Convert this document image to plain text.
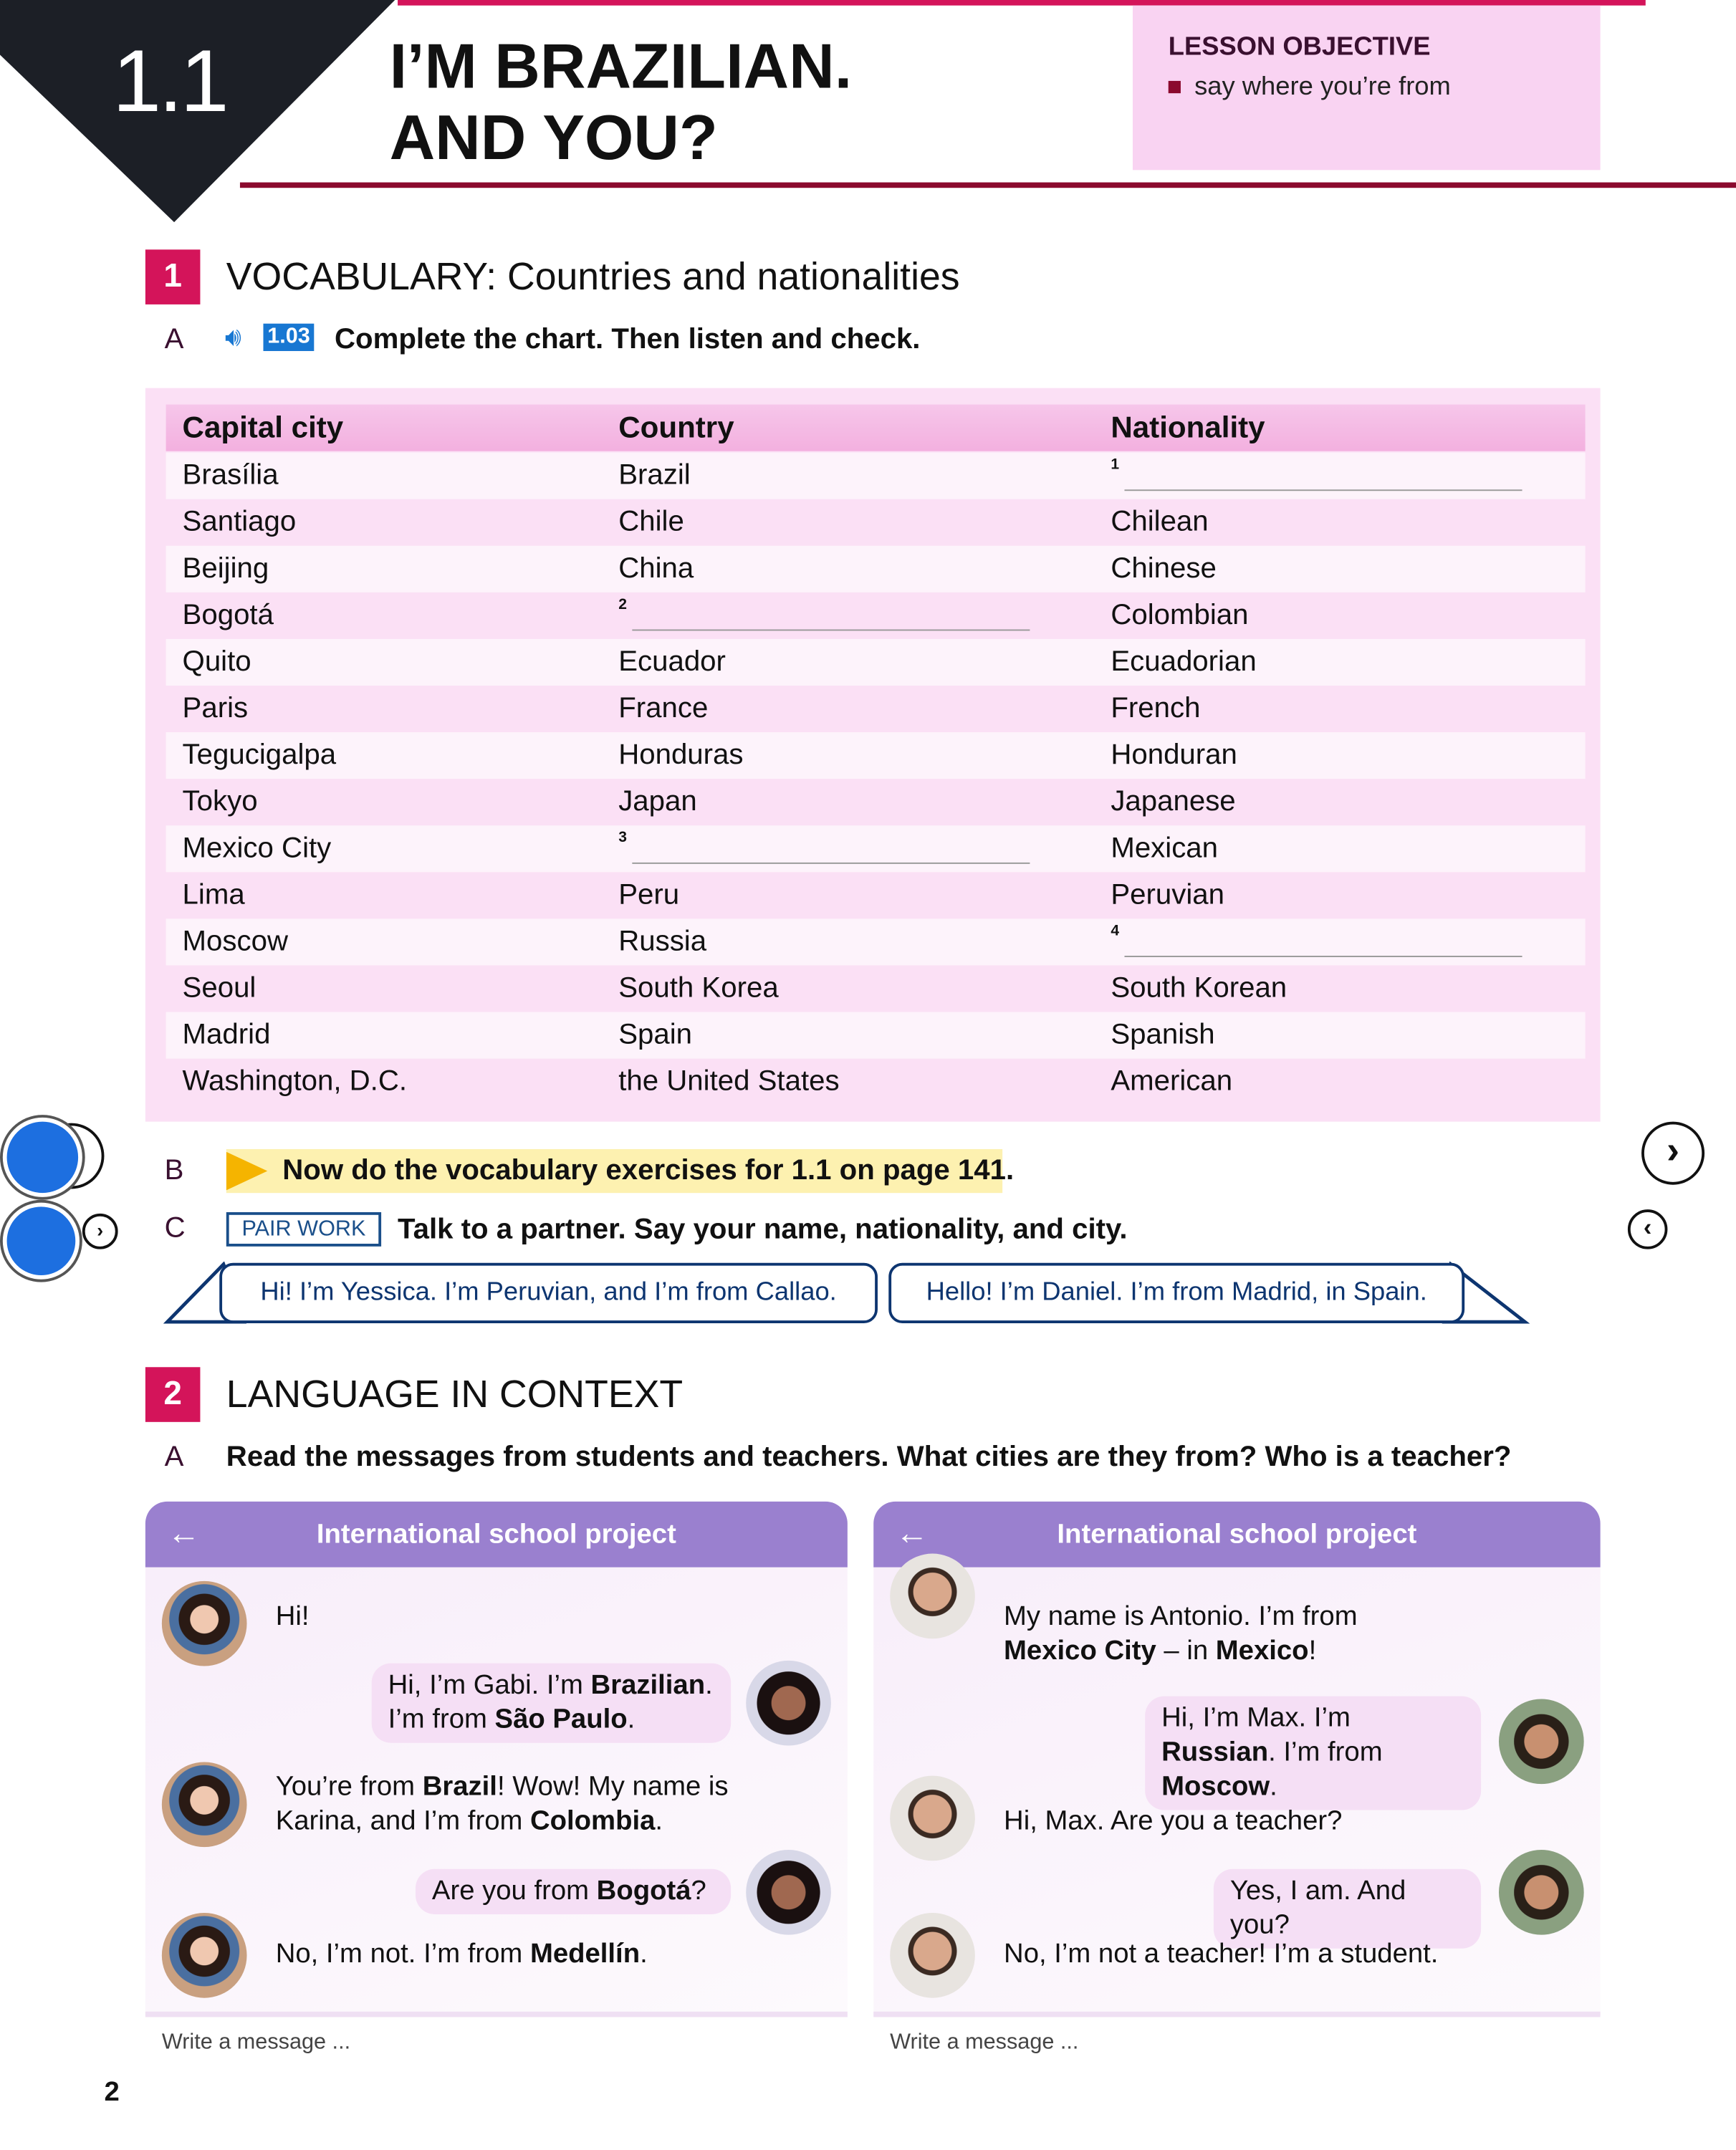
1.1	I’M BRAZILIAN.
AND YOU?
LESSON OBJECTIVE
say where you’re from
1	VOCABULARY: Countries and nationalities
A	🔊︎	1.03 Complete the chart. Then listen and check.
Capital city	Country	Nationality
Brasília	Brazil	1
Santiago	Chile	Chilean
Beijing	China	Chinese
Bogotá	2	Colombian
Quito	Ecuador	Ecuadorian
Paris	France	French
Tegucigalpa	Honduras	Honduran
Tokyo	Japan	Japanese
Mexico City	3	Mexican
Lima	Peru	Peruvian
Moscow	Russia	4
Seoul	South Korea	South Korean
Madrid	Spain	Spanish
Washington, D.C.	the United States	American
›
›
‹
B	Now do the vocabulary exercises for 1.1 on page 141.
C	PAIR WORK	Talk to a partner. Say your name, nationality, and city.
Hi! I’m Yessica. I’m Peruvian, and I’m from Callao.	Hello! I’m Daniel. I’m from Madrid, in Spain.
2	LANGUAGE IN CONTEXT
A	Read the messages from students and teachers. What cities are they from? Who is a teacher?
←	International school project
Write a message ...
Hi!
Hi, I’m Gabi. I’m Brazilian. I’m from São Paulo.
You’re from Brazil! Wow! My name is Karina, and I’m from Colombia.
Are you from Bogotá?
No, I’m not. I’m from Medellín.
←	International school project
Write a message ...
My name is Antonio. I’m from Mexico City – in Mexico!
Hi, I’m Max. I’m Russian. I’m from Moscow.
Hi, Max. Are you a teacher?
Yes, I am. And you?
No, I’m not a teacher! I’m a student.
2
